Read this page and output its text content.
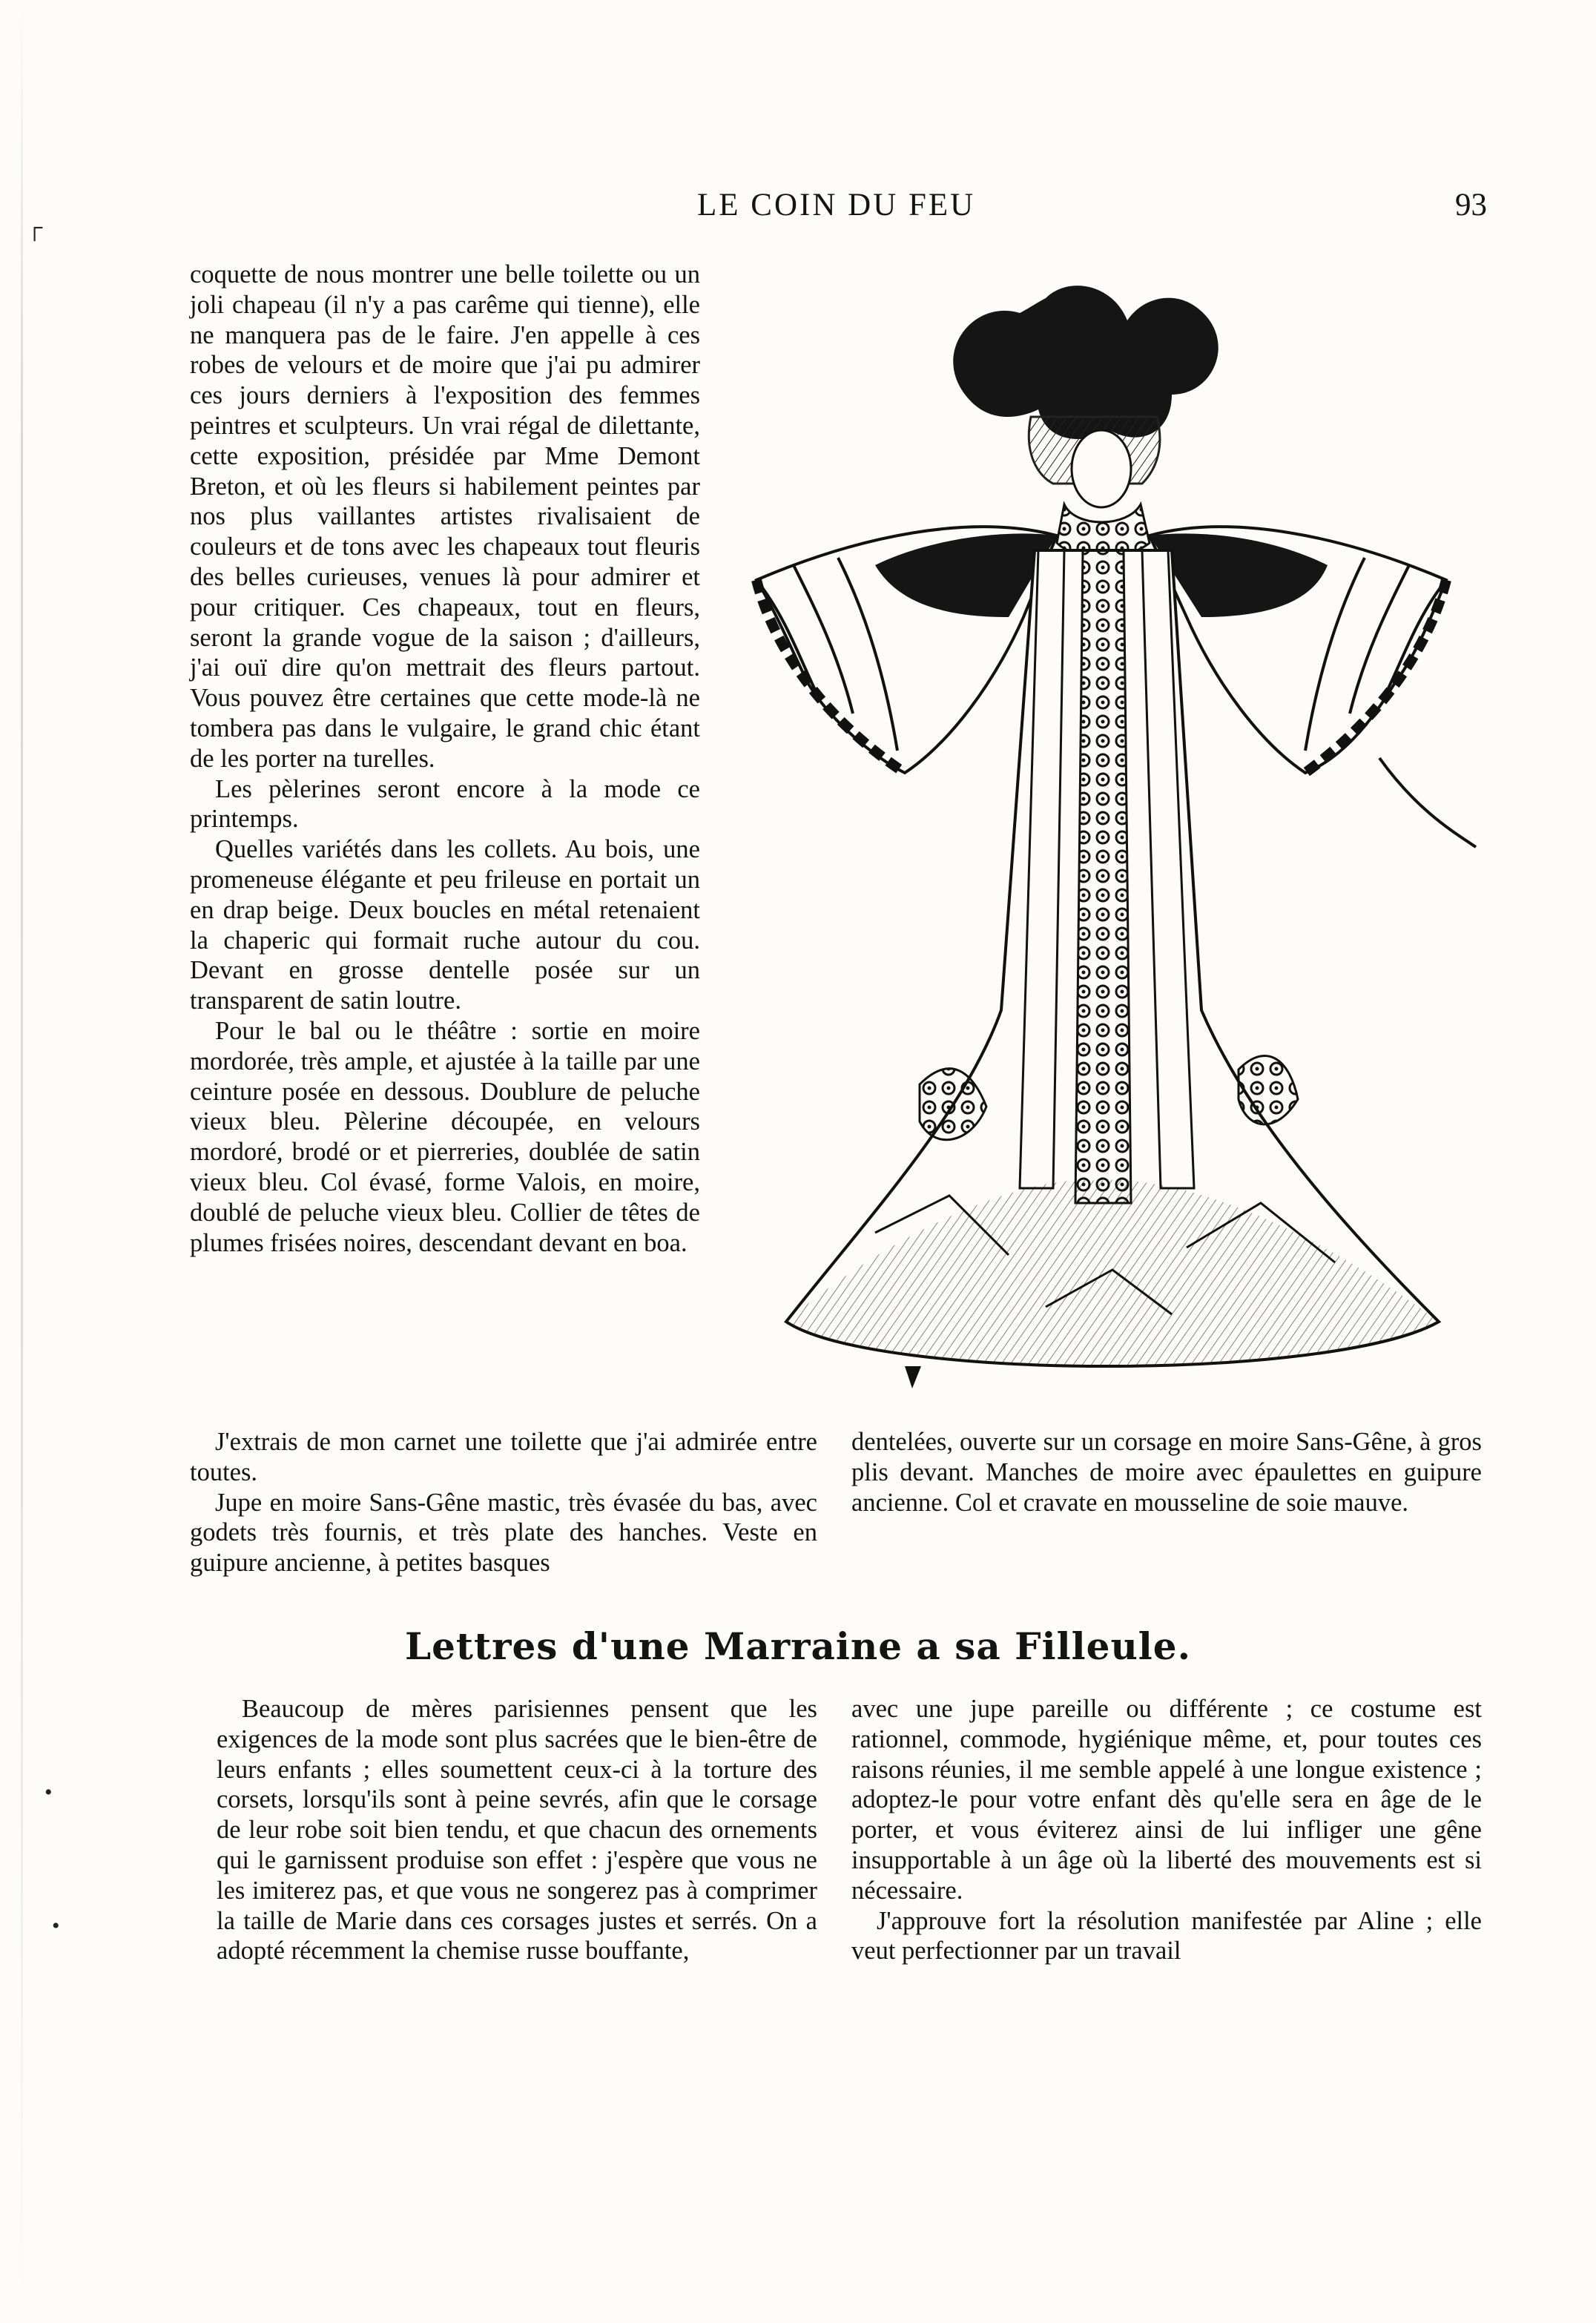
LE COIN DU FEU	93

coquette de nous montrer une belle toilette ou un joli chapeau (il n'y a pas carême qui tienne), elle ne manquera pas de le faire. J'en appelle à ces robes de velours et de moire que j'ai pu admirer ces jours derniers à l'exposition des femmes peintres et sculpteurs. Un vrai régal de dilettante, cette exposition, présidée par Mme Demont Breton, et où les fleurs si habilement peintes par nos plus vaillantes artistes rivalisaient de couleurs et de tons avec les chapeaux tout fleuris des belles curieuses, venues là pour admirer et pour critiquer. Ces chapeaux, tout en fleurs, seront la grande vogue de la saison ; d'ailleurs, j'ai ouï dire qu'on mettrait des fleurs partout. Vous pouvez être certaines que cette mode-là ne tombera pas dans le vulgaire, le grand chic étant de les porter na turelles.

Les pèlerines seront encore à la mode ce printemps.

Quelles variétés dans les collets. Au bois, une promeneuse élégante et peu frileuse en portait un en drap beige. Deux boucles en métal retenaient la chaperic qui formait ruche autour du cou. Devant en grosse dentelle posée sur un transparent de satin loutre.

Pour le bal ou le théâtre : sortie en moire mordorée, très ample, et ajustée à la taille par une ceinture posée en dessous. Doublure de peluche vieux bleu. Pèlerine découpée, en velours mordoré, brodé or et pierreries, doublée de satin vieux bleu. Col évasé, forme Valois, en moire, doublé de peluche vieux bleu. Collier de têtes de plumes frisées noires, descendant devant en boa.

J'extrais de mon carnet une toilette que j'ai admirée entre toutes.

Jupe en moire Sans-Gêne mastic, très évasée du bas, avec godets très fournis, et très plate des hanches. Veste en guipure ancienne, à petites basques

dentelées, ouverte sur un corsage en moire Sans-Gêne, à gros plis devant. Manches de moire avec épaulettes en guipure ancienne. Col et cravate en mousseline de soie mauve.

Lettres d'une Marraine a sa Filleule.

Beaucoup de mères parisiennes pensent que les exigences de la mode sont plus sacrées que le bien-être de leurs enfants ; elles soumettent ceux-ci à la torture des corsets, lorsqu'ils sont à peine sevrés, afin que le corsage de leur robe soit bien tendu, et que chacun des ornements qui le garnissent produise son effet : j'espère que vous ne les imiterez pas, et que vous ne songerez pas à comprimer la taille de Marie dans ces corsages justes et serrés. On a adopté récemment la chemise russe bouffante,

avec une jupe pareille ou différente ; ce costume est rationnel, commode, hygiénique même, et, pour toutes ces raisons réunies, il me semble appelé à une longue existence ; adoptez-le pour votre enfant dès qu'elle sera en âge de le porter, et vous éviterez ainsi de lui infliger une gêne insupportable à un âge où la liberté des mouvements est si nécessaire.

J'approuve fort la résolution manifestée par Aline ; elle veut perfectionner par un travail

┌
•
•
